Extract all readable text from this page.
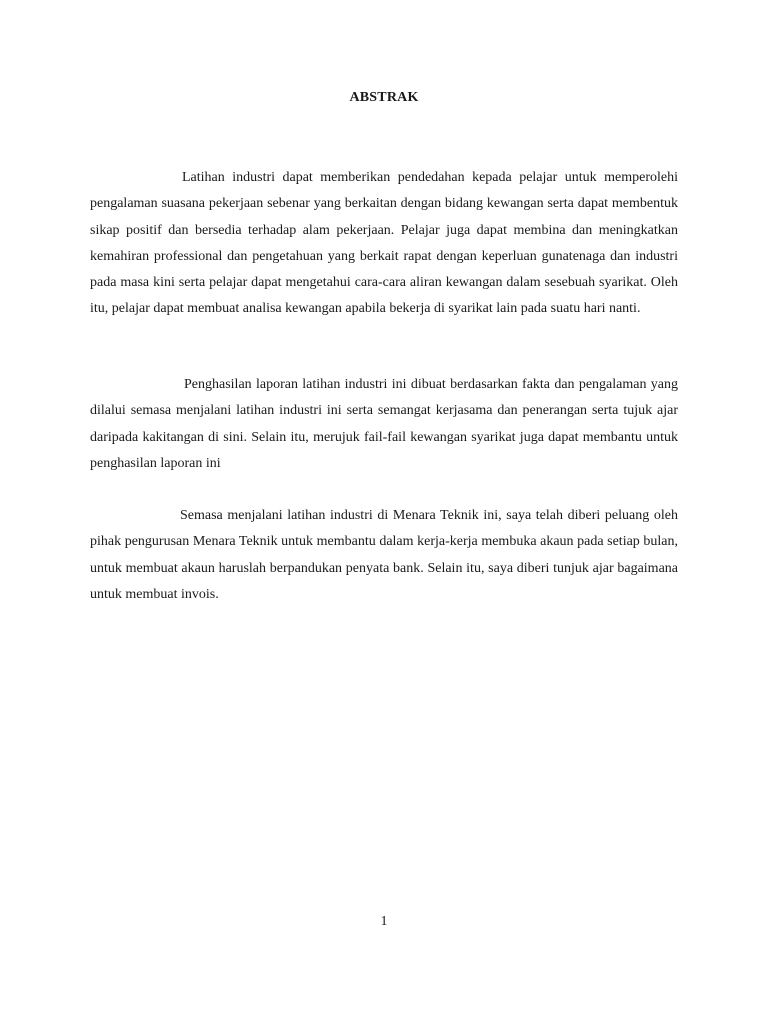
ABSTRAK

Latihan industri dapat memberikan pendedahan kepada pelajar untuk memperolehi pengalaman suasana pekerjaan sebenar yang berkaitan dengan bidang kewangan serta dapat membentuk sikap positif dan bersedia terhadap alam pekerjaan. Pelajar juga dapat membina dan meningkatkan kemahiran professional dan pengetahuan yang berkait rapat dengan keperluan gunatenaga dan industri pada masa kini serta pelajar dapat mengetahui cara-cara aliran kewangan dalam sesebuah syarikat. Oleh itu, pelajar dapat membuat analisa kewangan apabila bekerja di syarikat lain pada suatu hari nanti.

Penghasilan laporan latihan industri ini dibuat berdasarkan fakta dan pengalaman yang dilalui semasa menjalani latihan industri ini serta semangat kerjasama dan penerangan serta tujuk ajar daripada kakitangan di sini. Selain itu, merujuk fail-fail kewangan syarikat juga dapat membantu untuk penghasilan laporan ini

Semasa menjalani latihan industri di Menara Teknik ini, saya telah diberi peluang oleh pihak pengurusan Menara Teknik untuk membantu dalam kerja-kerja membuka akaun pada setiap bulan, untuk membuat akaun haruslah berpandukan penyata bank. Selain itu, saya diberi tunjuk ajar bagaimana untuk membuat invois.

1
